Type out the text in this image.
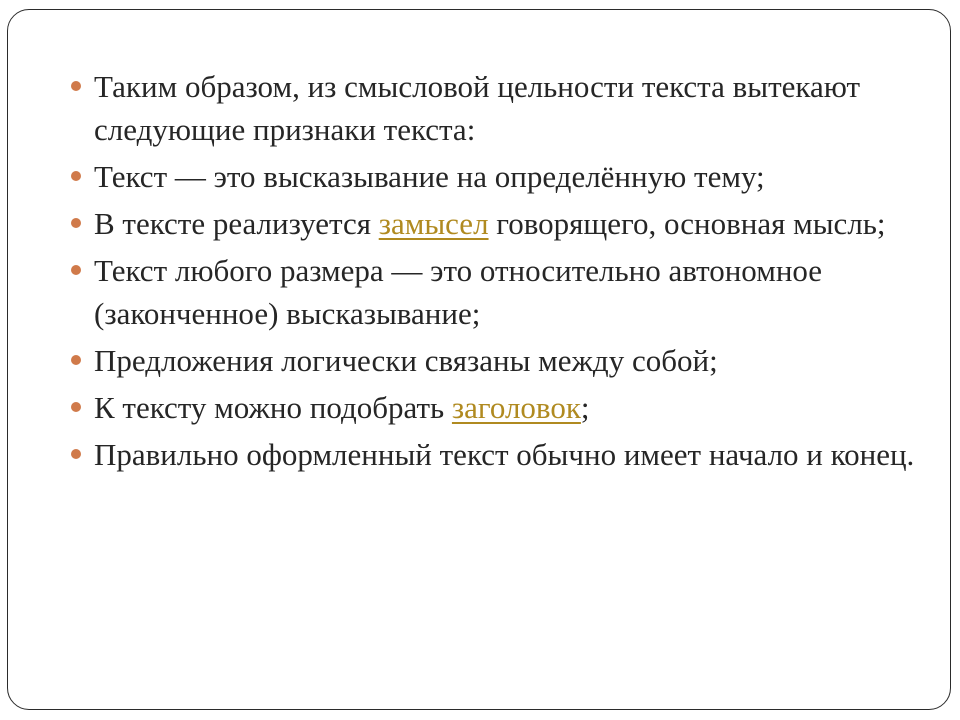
Таким образом, из смысловой цельности текста вытекают следующие признаки текста:
Текст — это высказывание на определённую тему;
В тексте реализуется замысел говорящего, основная мысль;
Текст любого размера — это относительно автономное (законченное) высказывание;
Предложения логически связаны между собой;
К тексту можно подобрать заголовок;
Правильно оформленный текст обычно имеет начало и конец.
